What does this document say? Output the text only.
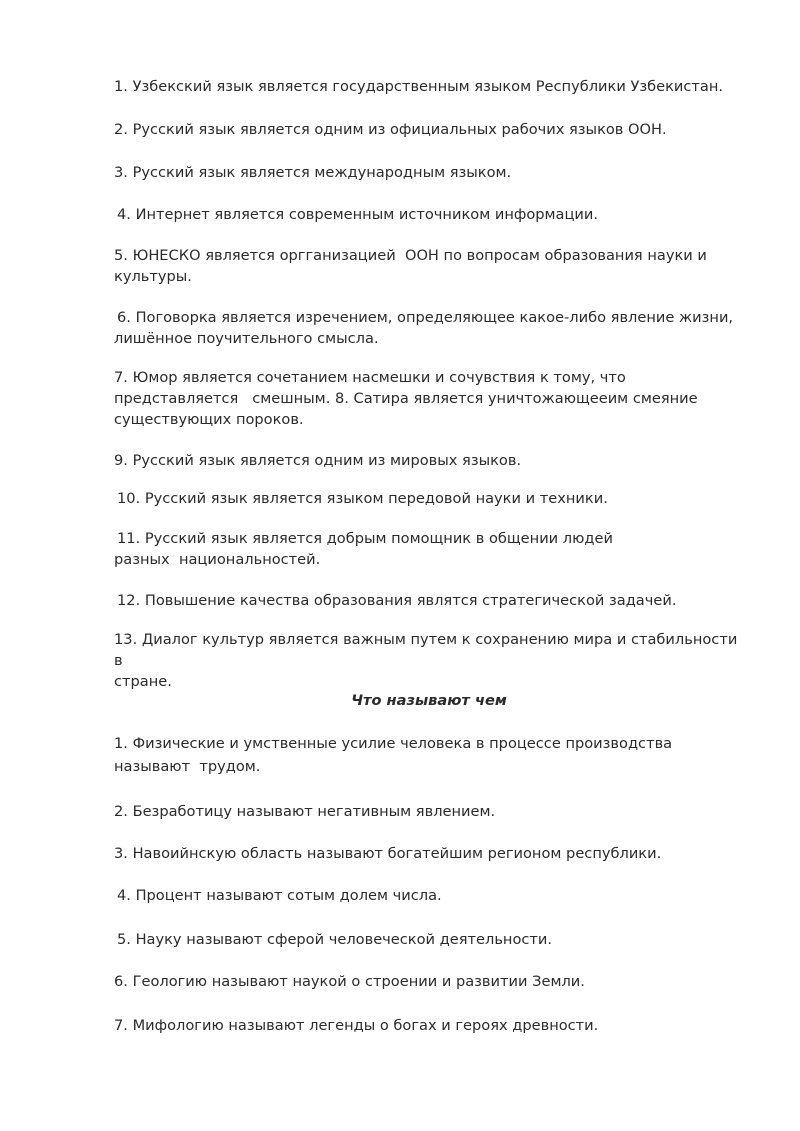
1. Узбекский язык является государственным языком Республики Узбекистан.

2. Русский язык является одним из официальных рабочих языков ООН.

3. Русский язык является международным языком.

4. Интернет является современным источником информации.

5. ЮНЕСКО является оргганизацией  ООН по вопросам образования науки и
культуры.

6. Поговорка является изречением, определяющее какое-либо явление жизни,
лишённое поучительного смысла.

7. Юмор является сочетанием насмешки и сочувствия к тому, что
представляется   смешным. 8. Сатира является уничтожающееим смеяние
существующих пороков.

9. Русский язык является одним из мировых языков.

10. Русский язык является языком передовой науки и техники.

11. Русский язык является добрым помощник в общении людей
разных  национальностей.

12. Повышение качества образования являтся стратегической задачей.

13. Диалог культур является важным путем к сохранению мира и стабильности в
стране.

Что называют чем

1. Физические и умственные усилие человека в процессе производства
называют  трудом.

2. Безработицу называют негативным явлением.

3. Навоийнскую область называют богатейшим регионом республики.

4. Процент называют сотым долем числа.

5. Науку называют сферой человеческой деятельности.

6. Геологию называют наукой о строении и развитии Земли.

7. Мифологию называют легенды о богах и героях древности.
